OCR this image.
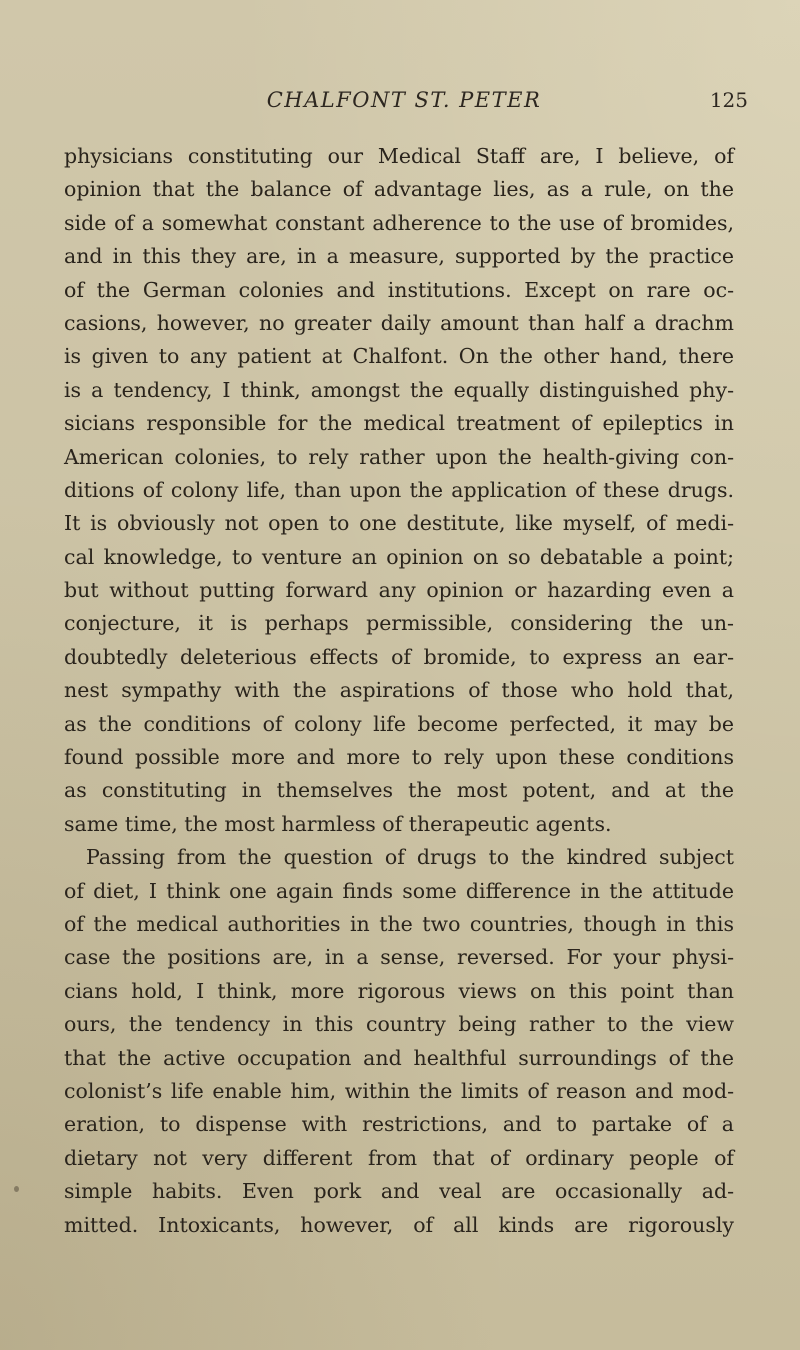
CHALFONT ST. PETER	125
physicians constituting our Medical Staff are, I believe, of
opinion that the balance of advantage lies, as a rule, on the
side of a somewhat constant adherence to the use of bromides,
and in this they are, in a measure, supported by the practice
of the German colonies and institutions. Except on rare oc-
casions, however, no greater daily amount than half a drachm
is given to any patient at Chalfont. On the other hand, there
is a tendency, I think, amongst the equally distinguished phy-
sicians responsible for the medical treatment of epileptics in
American colonies, to rely rather upon the health-giving con-
ditions of colony life, than upon the application of these drugs.
It is obviously not open to one destitute, like myself, of medi-
cal knowledge, to venture an opinion on so debatable a point;
but without putting forward any opinion or hazarding even a
conjecture, it is perhaps permissible, considering the un-
doubtedly deleterious effects of bromide, to express an ear-
nest sympathy with the aspirations of those who hold that,
as the conditions of colony life become perfected, it may be
found possible more and more to rely upon these conditions
as constituting in themselves the most potent, and at the
same time, the most harmless of therapeutic agents.
Passing from the question of drugs to the kindred subject
of diet, I think one again finds some difference in the attitude
of the medical authorities in the two countries, though in this
case the positions are, in a sense, reversed. For your physi-
cians hold, I think, more rigorous views on this point than
ours, the tendency in this country being rather to the view
that the active occupation and healthful surroundings of the
colonist’s life enable him, within the limits of reason and mod-
eration, to dispense with restrictions, and to partake of a
dietary not very different from that of ordinary people of
simple habits. Even pork and veal are occasionally ad-
mitted. Intoxicants, however, of all kinds are rigorously
